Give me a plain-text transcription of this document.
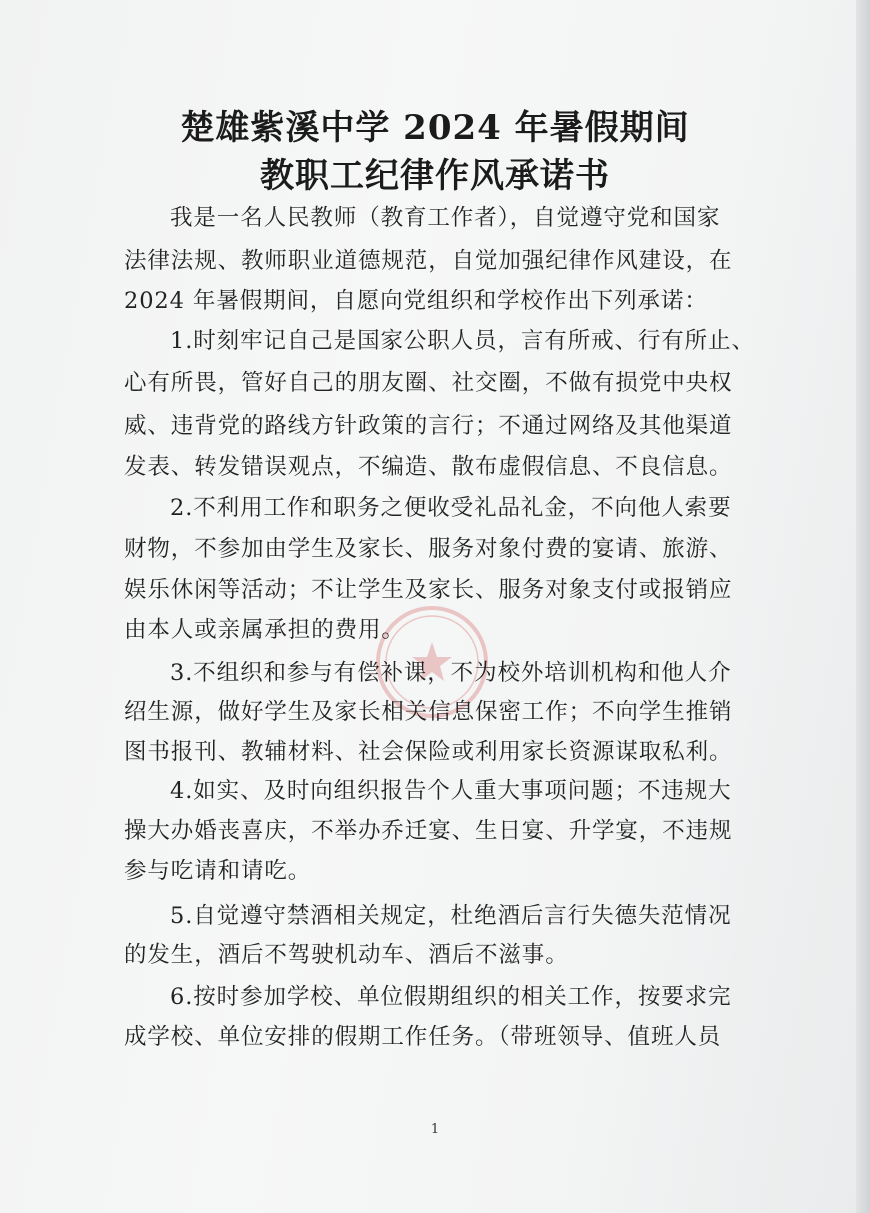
楚雄紫溪中学 2024 年暑假期间
教职工纪律作风承诺书
我是一名人民教师（教育工作者），自觉遵守党和国家
法律法规、教师职业道德规范，自觉加强纪律作风建设，在
2024 年暑假期间，自愿向党组织和学校作出下列承诺：
1.时刻牢记自己是国家公职人员，言有所戒、行有所止、
心有所畏，管好自己的朋友圈、社交圈，不做有损党中央权
威、违背党的路线方针政策的言行；不通过网络及其他渠道
发表、转发错误观点，不编造、散布虚假信息、不良信息。
2.不利用工作和职务之便收受礼品礼金，不向他人索要
财物，不参加由学生及家长、服务对象付费的宴请、旅游、
娱乐休闲等活动；不让学生及家长、服务对象支付或报销应
由本人或亲属承担的费用。
3.不组织和参与有偿补课，不为校外培训机构和他人介
绍生源，做好学生及家长相关信息保密工作；不向学生推销
图书报刊、教辅材料、社会保险或利用家长资源谋取私利。
4.如实、及时向组织报告个人重大事项问题；不违规大
操大办婚丧喜庆，不举办乔迁宴、生日宴、升学宴，不违规
参与吃请和请吃。
5.自觉遵守禁酒相关规定，杜绝酒后言行失德失范情况
的发生，酒后不驾驶机动车、酒后不滋事。
6.按时参加学校、单位假期组织的相关工作，按要求完
成学校、单位安排的假期工作任务。（带班领导、值班人员
1
